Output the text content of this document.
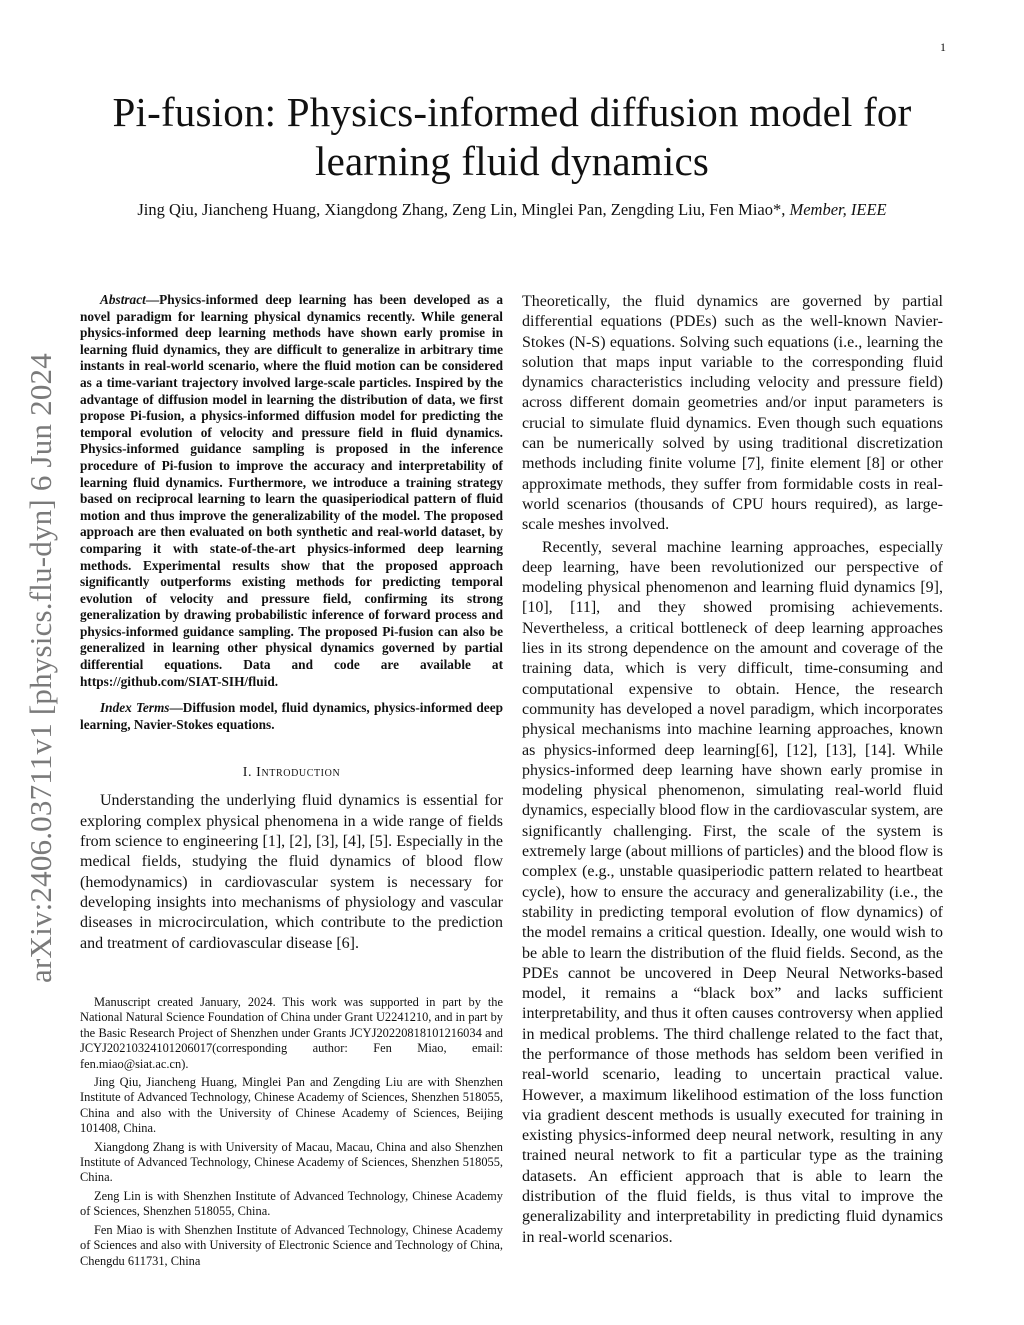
1
arXiv:2406.03711v1 [physics.flu-dyn] 6 Jun 2024
Pi-fusion: Physics-informed diffusion model for
learning fluid dynamics
Jing Qiu, Jiancheng Huang, Xiangdong Zhang, Zeng Lin, Minglei Pan, Zengding Liu, Fen Miao*, Member, IEEE

Abstract—Physics-informed deep learning has been developed as a novel paradigm for learning physical dynamics recently. While general physics-informed deep learning methods have shown early promise in learning fluid dynamics, they are difficult to generalize in arbitrary time instants in real-world scenario, where the fluid motion can be considered as a time-variant trajectory involved large-scale particles. Inspired by the advantage of diffusion model in learning the distribution of data, we first propose Pi-fusion, a physics-informed diffusion model for predicting the temporal evolution of velocity and pressure field in fluid dynamics. Physics-informed guidance sampling is proposed in the inference procedure of Pi-fusion to improve the accuracy and interpretability of learning fluid dynamics. Furthermore, we introduce a training strategy based on reciprocal learning to learn the quasiperiodical pattern of fluid motion and thus improve the generalizability of the model. The proposed approach are then evaluated on both synthetic and real-world dataset, by comparing it with state-of-the-art physics-informed deep learning methods. Experimental results show that the proposed approach significantly outperforms existing methods for predicting temporal evolution of velocity and pressure field, confirming its strong generalization by drawing probabilistic inference of forward process and physics-informed guidance sampling. The proposed Pi-fusion can also be generalized in learning other physical dynamics governed by partial differential equations. Data and code are available at https://github.com/SIAT-SIH/fluid.

Index Terms—Diffusion model, fluid dynamics, physics-informed deep learning, Navier-Stokes equations.

I. Introduction

Understanding the underlying fluid dynamics is essential for exploring complex physical phenomena in a wide range of fields from science to engineering [1], [2], [3], [4], [5]. Especially in the medical fields, studying the fluid dynamics of blood flow (hemodynamics) in cardiovascular system is necessary for developing insights into mechanisms of physiology and vascular diseases in microcirculation, which contribute to the prediction and treatment of cardiovascular disease [6].

Manuscript created January, 2024. This work was supported in part by the National Natural Science Foundation of China under Grant U2241210, and in part by the Basic Research Project of Shenzhen under Grants JCYJ20220818101216034 and JCYJ20210324101206017(corresponding author: Fen Miao, email: fen.miao@siat.ac.cn).

Jing Qiu, Jiancheng Huang, Minglei Pan and Zengding Liu are with Shenzhen Institute of Advanced Technology, Chinese Academy of Sciences, Shenzhen 518055, China and also with the University of Chinese Academy of Sciences, Beijing 101408, China.

Xiangdong Zhang is with University of Macau, Macau, China and also Shenzhen Institute of Advanced Technology, Chinese Academy of Sciences, Shenzhen 518055, China.

Zeng Lin is with Shenzhen Institute of Advanced Technology, Chinese Academy of Sciences, Shenzhen 518055, China.

Fen Miao is with Shenzhen Institute of Advanced Technology, Chinese Academy of Sciences and also with University of Electronic Science and Technology of China, Chengdu 611731, China

Theoretically, the fluid dynamics are governed by partial differential equations (PDEs) such as the well-known Navier-Stokes (N-S) equations. Solving such equations (i.e., learning the solution that maps input variable to the corresponding fluid dynamics characteristics including velocity and pressure field) across different domain geometries and/or input parameters is crucial to simulate fluid dynamics. Even though such equations can be numerically solved by using traditional discretization methods including finite volume [7], finite element [8] or other approximate methods, they suffer from formidable costs in real-world scenarios (thousands of CPU hours required), as large-scale meshes involved.

Recently, several machine learning approaches, especially deep learning, have been revolutionized our perspective of modeling physical phenomenon and learning fluid dynamics [9], [10], [11], and they showed promising achievements. Nevertheless, a critical bottleneck of deep learning approaches lies in its strong dependence on the amount and coverage of the training data, which is very difficult, time-consuming and computational expensive to obtain. Hence, the research community has developed a novel paradigm, which incorporates physical mechanisms into machine learning approaches, known as physics-informed deep learning[6], [12], [13], [14]. While physics-informed deep learning have shown early promise in modeling physical phenomenon, simulating real-world fluid dynamics, especially blood flow in the cardiovascular system, are significantly challenging. First, the scale of the system is extremely large (about millions of particles) and the blood flow is complex (e.g., unstable quasiperiodic pattern related to heartbeat cycle), how to ensure the accuracy and generalizability (i.e., the stability in predicting temporal evolution of flow dynamics) of the model remains a critical question. Ideally, one would wish to be able to learn the distribution of the fluid fields. Second, as the PDEs cannot be uncovered in Deep Neural Networks-based model, it remains a “black box” and lacks sufficient interpretability, and thus it often causes controversy when applied in medical problems. The third challenge related to the fact that, the performance of those methods has seldom been verified in real-world scenario, leading to uncertain practical value. However, a maximum likelihood estimation of the loss function via gradient descent methods is usually executed for training in existing physics-informed deep neural network, resulting in any trained neural network to fit a particular type as the training datasets. An efficient approach that is able to learn the distribution of the fluid fields, is thus vital to improve the generalizability and interpretability in predicting fluid dynamics in real-world scenarios.
